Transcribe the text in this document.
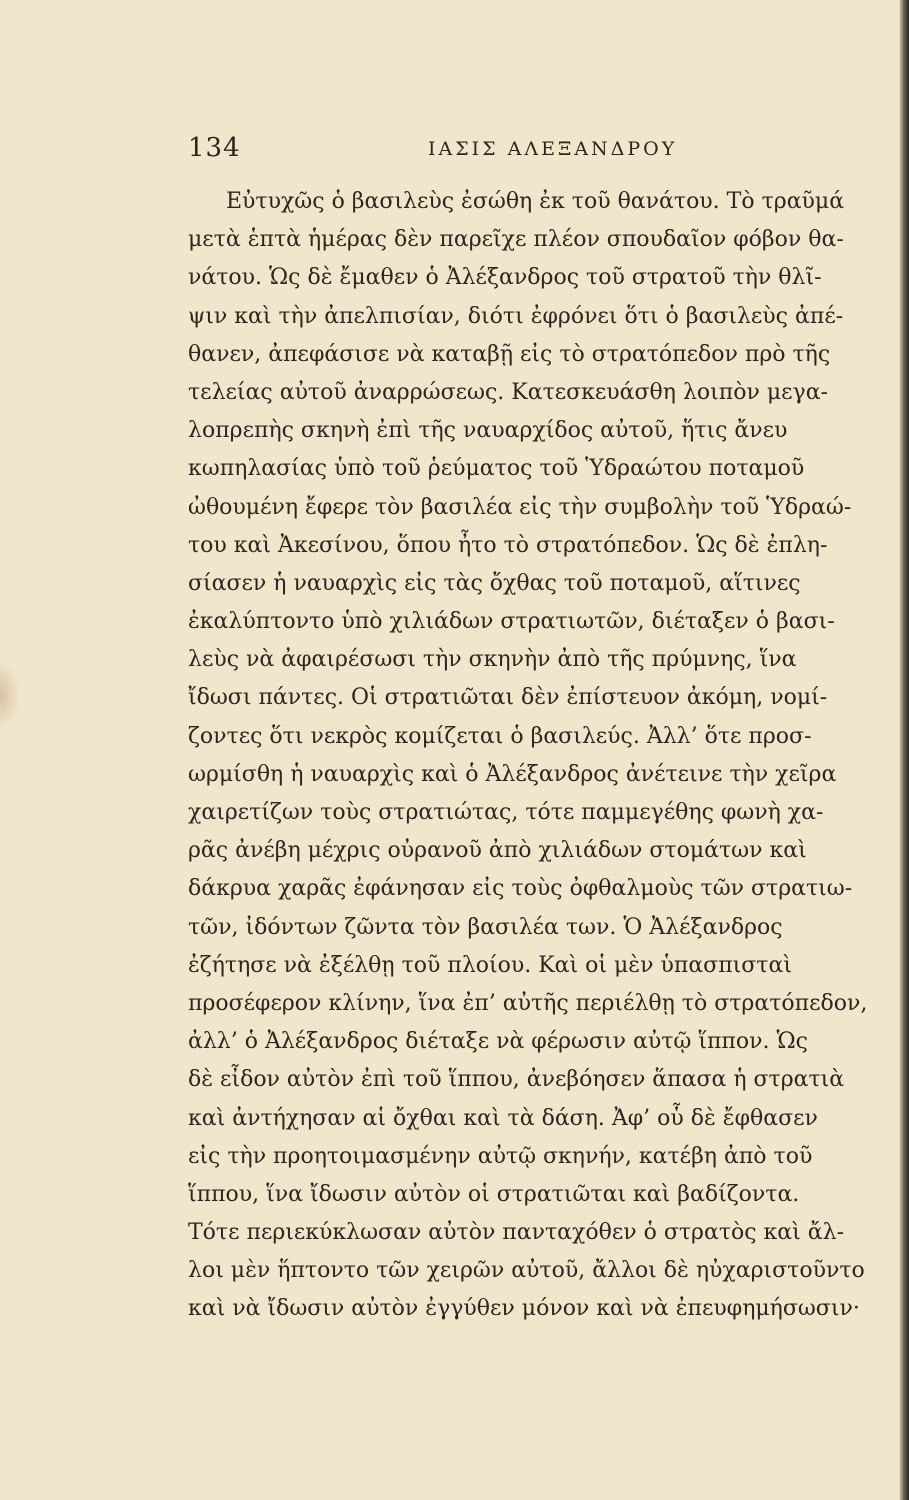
134	ΙΑΣΙΣ ΑΛΕΞΑΝΔΡΟΥ
Εὐτυχῶς ὁ βασιλεὺς ἐσώθη ἐκ τοῦ θανάτου. Τὸ τραῦμά
μετὰ ἑπτὰ ἡμέρας δὲν παρεῖχε πλέον σπουδαῖον φόβον θα-
νάτου. Ὡς δὲ ἔμαθεν ὁ Ἀλέξανδρος τοῦ στρατοῦ τὴν θλῖ-
ψιν καὶ τὴν ἀπελπισίαν, διότι ἐφρόνει ὅτι ὁ βασιλεὺς ἀπέ-
θανεν, ἀπεφάσισε νὰ καταβῇ εἰς τὸ στρατόπεδον πρὸ τῆς
τελείας αὐτοῦ ἀναρρώσεως. Κατεσκευάσθη λοιπὸν μεγα-
λοπρεπὴς σκηνὴ ἐπὶ τῆς ναυαρχίδος αὐτοῦ, ἥτις ἄνευ
κωπηλασίας ὑπὸ τοῦ ῥεύματος τοῦ Ὑδραώτου ποταμοῦ
ὠθουμένη ἔφερε τὸν βασιλέα εἰς τὴν συμβολὴν τοῦ Ὑδραώ-
του καὶ Ἀκεσίνου, ὅπου ἦτο τὸ στρατόπεδον. Ὡς δὲ ἐπλη-
σίασεν ἡ ναυαρχὶς εἰς τὰς ὄχθας τοῦ ποταμοῦ, αἵτινες
ἐκαλύπτοντο ὑπὸ χιλιάδων στρατιωτῶν, διέταξεν ὁ βασι-
λεὺς νὰ ἀφαιρέσωσι τὴν σκηνὴν ἀπὸ τῆς πρύμνης, ἵνα
ἴδωσι πάντες. Οἱ στρατιῶται δὲν ἐπίστευον ἀκόμη, νομί-
ζοντες ὅτι νεκρὸς κομίζεται ὁ βασιλεύς. Ἀλλ’ ὅτε προσ-
ωρμίσθη ἡ ναυαρχὶς καὶ ὁ Ἀλέξανδρος ἀνέτεινε τὴν χεῖρα
χαιρετίζων τοὺς στρατιώτας, τότε παμμεγέθης φωνὴ χα-
ρᾶς ἀνέβη μέχρις οὐρανοῦ ἀπὸ χιλιάδων στομάτων καὶ
δάκρυα χαρᾶς ἐφάνησαν εἰς τοὺς ὀφθαλμοὺς τῶν στρατιω-
τῶν, ἰδόντων ζῶντα τὸν βασιλέα των. Ὁ Ἀλέξανδρος
ἐζήτησε νὰ ἐξέλθῃ τοῦ πλοίου. Καὶ οἱ μὲν ὑπασπισταὶ
προσέφερον κλίνην, ἵνα ἐπ’ αὐτῆς περιέλθῃ τὸ στρατόπεδον,
ἀλλ’ ὁ Ἀλέξανδρος διέταξε νὰ φέρωσιν αὐτῷ ἵππον. Ὡς
δὲ εἶδον αὐτὸν ἐπὶ τοῦ ἵππου, ἀνεβόησεν ἅπασα ἡ στρατιὰ
καὶ ἀντήχησαν αἱ ὄχθαι καὶ τὰ δάση. Ἀφ’ οὗ δὲ ἔφθασεν
εἰς τὴν προητοιμασμένην αὐτῷ σκηνήν, κατέβη ἀπὸ τοῦ
ἵππου, ἵνα ἴδωσιν αὐτὸν οἱ στρατιῶται καὶ βαδίζοντα.
Τότε περιεκύκλωσαν αὐτὸν πανταχόθεν ὁ στρατὸς καὶ ἄλ-
λοι μὲν ἥπτοντο τῶν χειρῶν αὐτοῦ, ἄλλοι δὲ ηὐχαριστοῦντο
καὶ νὰ ἴδωσιν αὐτὸν ἐγγύθεν μόνον καὶ νὰ ἐπευφημήσωσιν·
